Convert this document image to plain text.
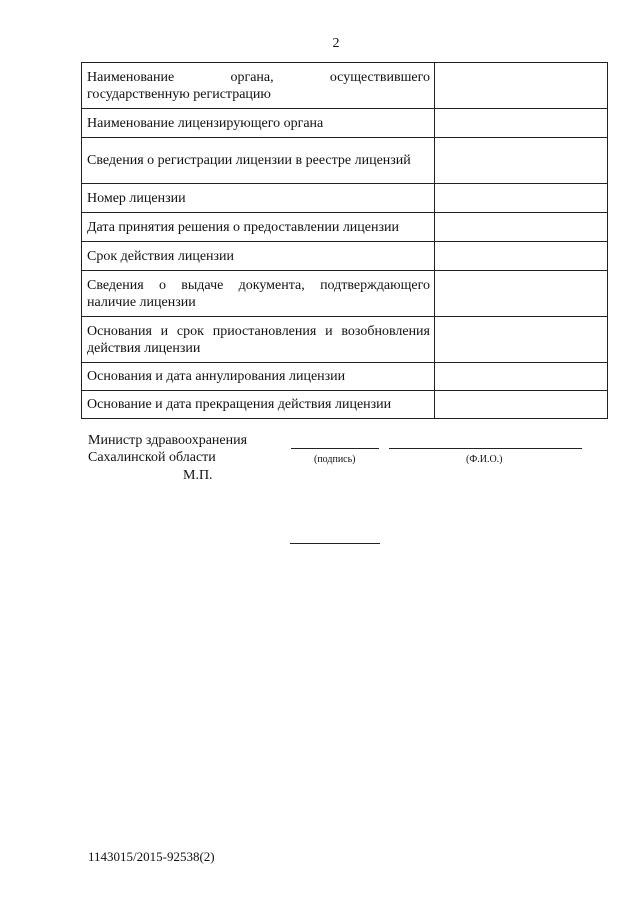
2
Наименование органа, осуществившего государственную регистрацию	
Наименование лицензирующего органа	
Сведения о регистрации лицензии в реестре лицензий	
Номер лицензии	
Дата принятия решения о предоставлении лицензии	
Срок действия лицензии	
Сведения о выдаче документа, подтверждающего наличие лицензии	
Основания и срок приостановления и возобновления действия лицензии	
Основания и дата аннулирования лицензии	
Основание и дата прекращения действия лицензии	
Министр здравоохранения
Сахалинской области
М.П.
(подпись)	(Ф.И.О.)
1143015/2015-92538(2)
